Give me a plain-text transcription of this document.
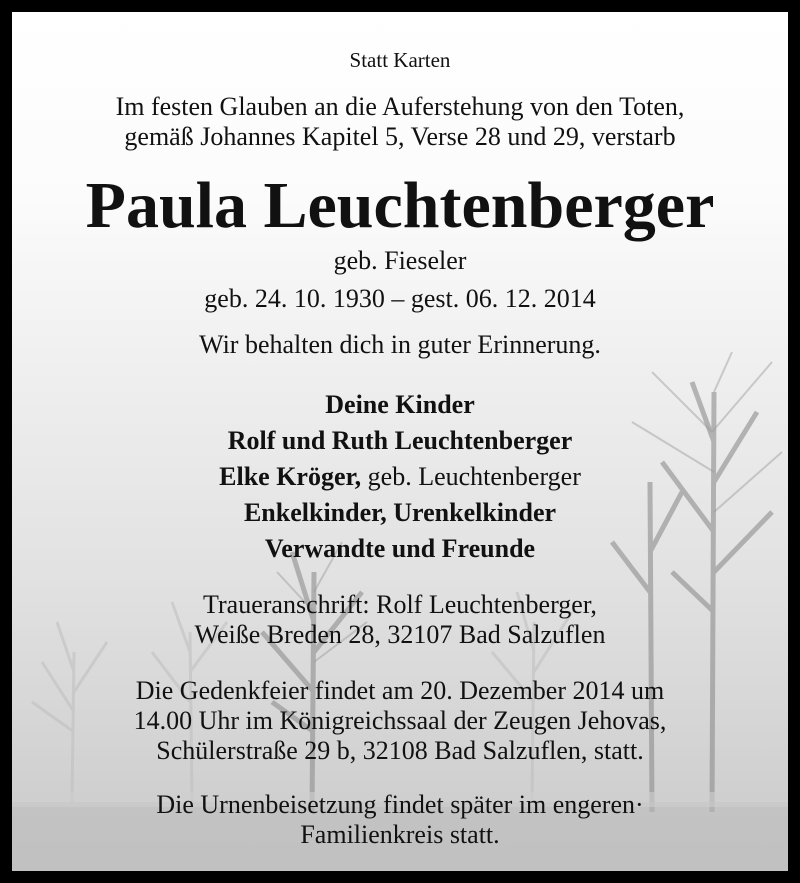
Statt Karten
Im festen Glauben an die Auferstehung von den Toten,
gemäß Johannes Kapitel 5, Verse 28 und 29, verstarb
Paula Leuchtenberger
geb. Fieseler
geb. 24. 10. 1930 – gest. 06. 12. 2014
Wir behalten dich in guter Erinnerung.
Deine Kinder
Rolf und Ruth Leuchtenberger
Elke Kröger, geb. Leuchtenberger
Enkelkinder, Urenkelkinder
Verwandte und Freunde
Traueranschrift: Rolf Leuchtenberger,
Weiße Breden 28, 32107 Bad Salzuflen
Die Gedenkfeier findet am 20. Dezember 2014 um
14.00 Uhr im Königreichssaal der Zeugen Jehovas,
Schülerstraße 29 b, 32108 Bad Salzuflen, statt.
Die Urnenbeisetzung findet später im engeren·
Familienkreis statt.
